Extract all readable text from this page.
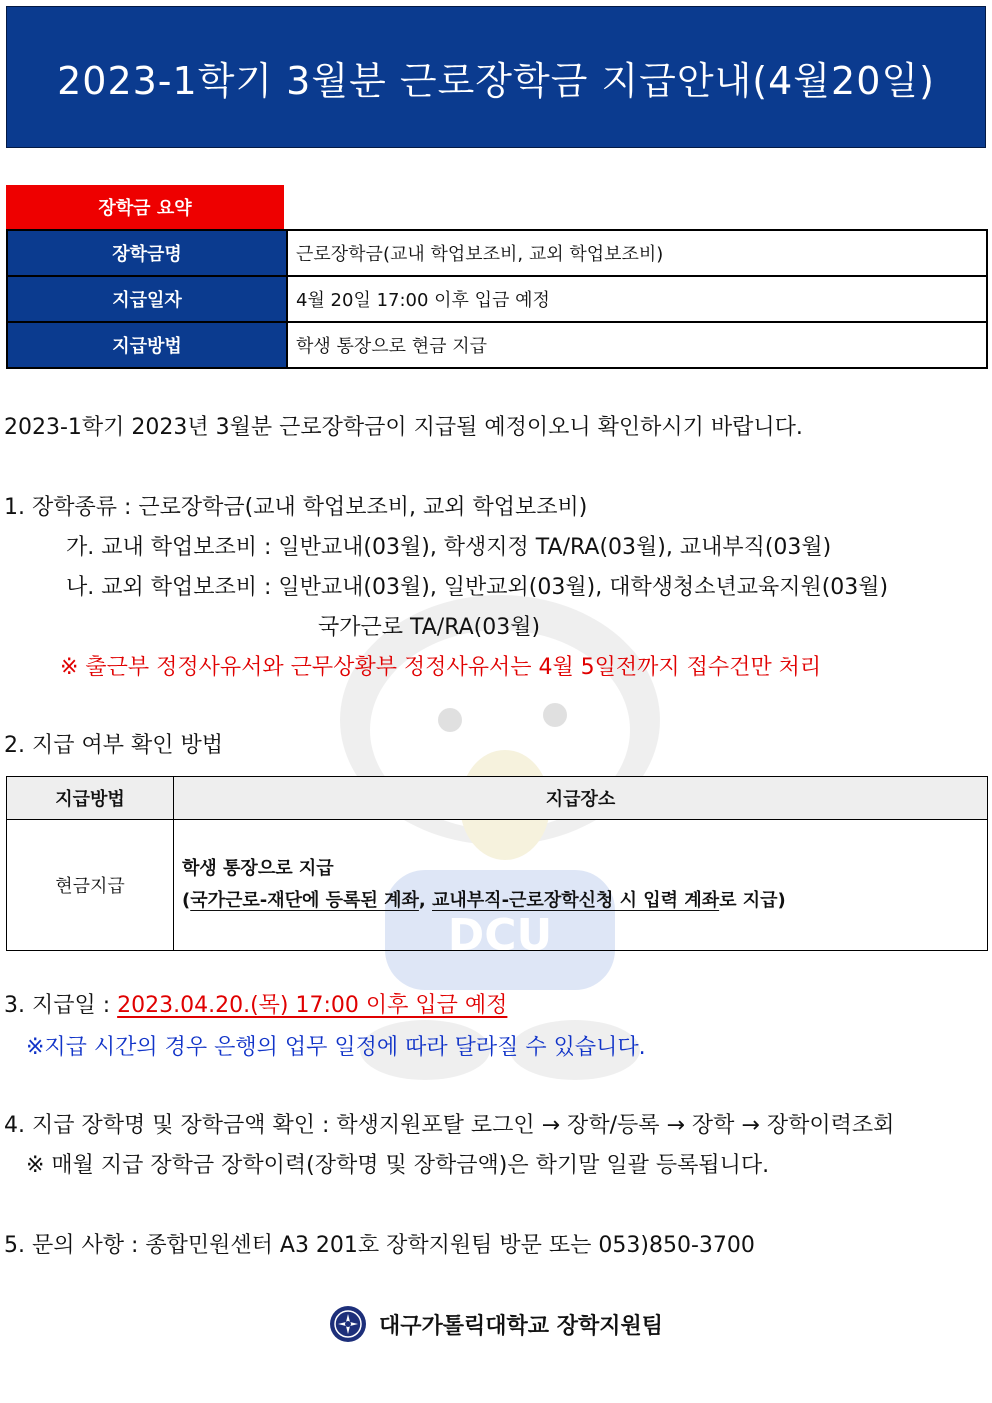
DCU
2023-1학기 3월분 근로장학금 지급안내(4월20일)
장학금 요약
장학금명	근로장학금(교내 학업보조비, 교외 학업보조비)
지급일자	4월 20일 17:00 이후 입금 예정
지급방법	학생 통장으로 현금 지급
2023-1학기 2023년 3월분 근로장학금이 지급될 예정이오니 확인하시기 바랍니다.
1. 장학종류 : 근로장학금(교내 학업보조비, 교외 학업보조비)
가. 교내 학업보조비 : 일반교내(03월), 학생지정 TA/RA(03월), 교내부직(03월)
나. 교외 학업보조비 : 일반교내(03월), 일반교외(03월), 대학생청소년교육지원(03월)
국가근로 TA/RA(03월)
※ 출근부 정정사유서와 근무상황부 정정사유서는 4월 5일전까지 접수건만 처리
2. 지급 여부 확인 방법
지급방법	지급장소
현금지급	학생 통장으로 지급
(국가근로-재단에 등록된 계좌, 교내부직-근로장학신청 시 입력 계좌로 지급)
3. 지급일 : 2023.04.20.(목) 17:00 이후 입금 예정
※지급 시간의 경우 은행의 업무 일정에 따라 달라질 수 있습니다.
4. 지급 장학명 및 장학금액 확인 : 학생지원포탈 로그인 → 장학/등록 → 장학 → 장학이력조회
※ 매월 지급 장학금 장학이력(장학명 및 장학금액)은 학기말 일괄 등록됩니다.
5. 문의 사항 : 종합민원센터 A3 201호 장학지원팀 방문 또는 053)850-3700
대구가톨릭대학교 장학지원팀
